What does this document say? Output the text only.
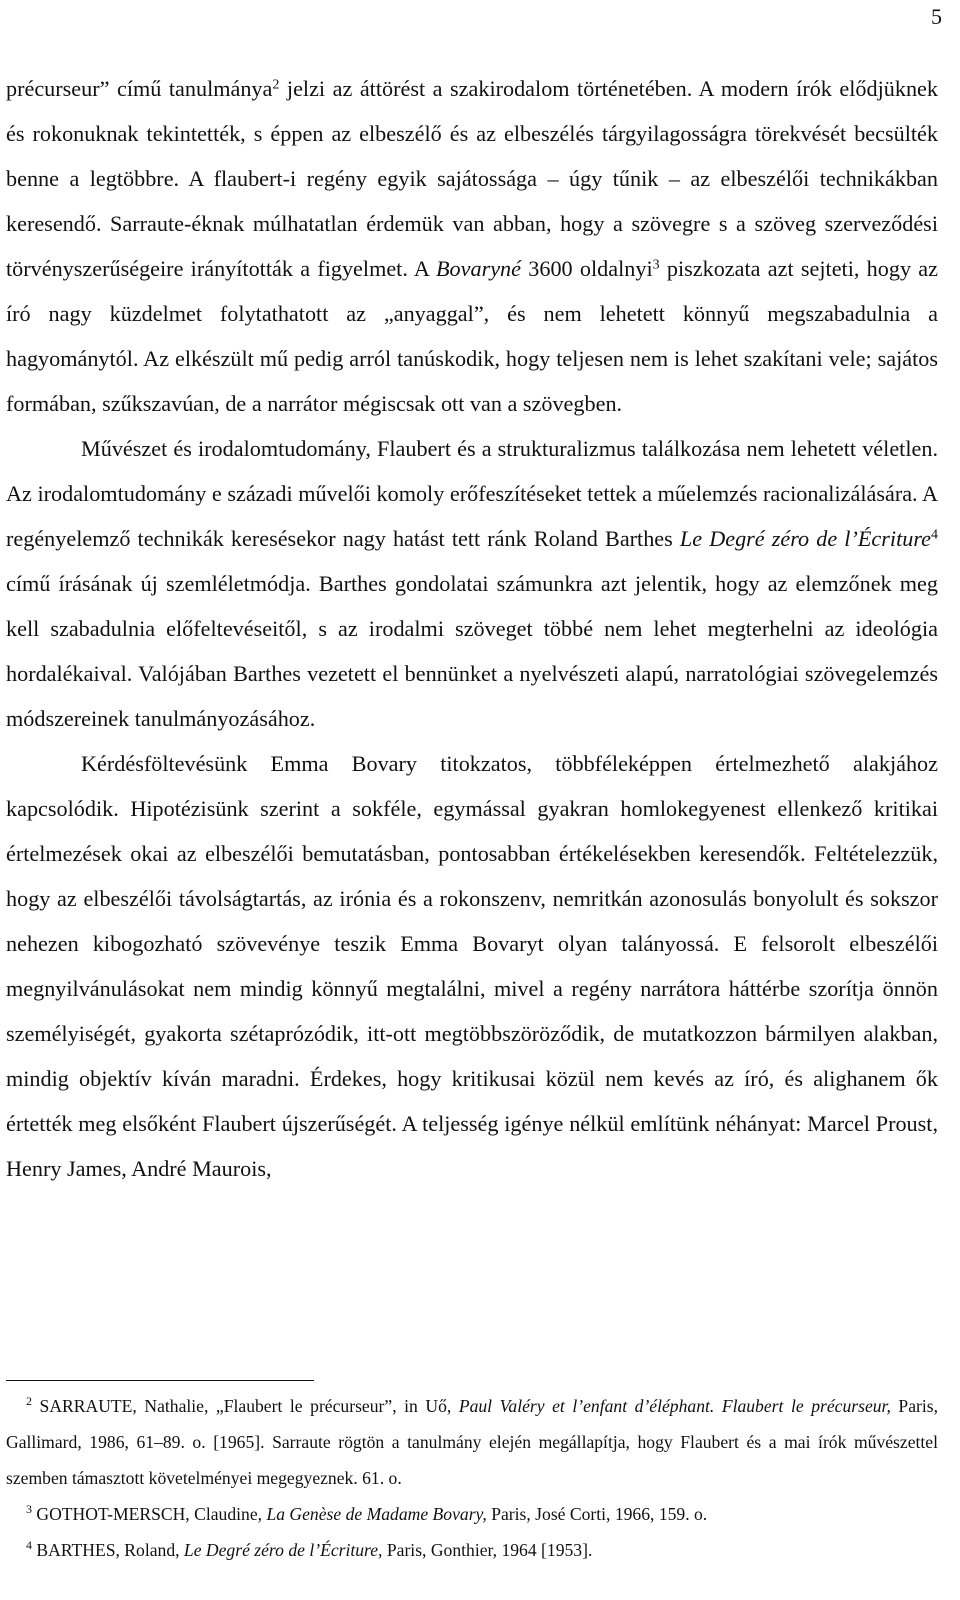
5

précurseur” című tanulmánya$^2$ jelzi az áttörést a szakirodalom történetében. A modern írók elődjüknek és rokonuknak tekintették, s éppen az elbeszélő és az elbeszélés tárgyilagosságra törekvését becsülték benne a legtöbbre. A flaubert-i regény egyik sajátossága – úgy tűnik – az elbeszélői technikákban keresendő. Sarraute-éknak múlhatatlan érdemük van abban, hogy a szövegre s a szöveg szerveződési törvényszerűségeire irányították a figyelmet. A Bovaryné 3600 oldalnyi$^3$ piszkozata azt sejteti, hogy az író nagy küzdelmet folytathatott az „anyaggal”, és nem lehetett könnyű megszabadulnia a hagyománytól. Az elkészült mű pedig arról tanúskodik, hogy teljesen nem is lehet szakítani vele; sajátos formában, szűkszavúan, de a narrátor mégiscsak ott van a szövegben.

Művészet és irodalomtudomány, Flaubert és a strukturalizmus találkozása nem lehetett véletlen. Az irodalomtudomány e századi művelői komoly erőfeszítéseket tettek a műelemzés racionalizálására. A regényelemző technikák keresésekor nagy hatást tett ránk Roland Barthes Le Degré zéro de l’Écriture$^4$ című írásának új szemléletmódja. Barthes gondolatai számunkra azt jelentik, hogy az elemzőnek meg kell szabadulnia előfeltevéseitől, s az irodalmi szöveget többé nem lehet megterhelni az ideológia hordalékaival. Valójában Barthes vezetett el bennünket a nyelvészeti alapú, narratológiai szövegelemzés módszereinek tanulmányozásához.

Kérdésföltevésünk Emma Bovary titokzatos, többféleképpen értelmezhető alakjához kapcsolódik. Hipotézisünk szerint a sokféle, egymással gyakran homlokegyenest ellenkező kritikai értelmezések okai az elbeszélői bemutatásban, pontosabban értékelésekben keresendők. Feltételezzük, hogy az elbeszélői távolságtartás, az irónia és a rokonszenv, nemritkán azonosulás bonyolult és sokszor nehezen kibogozható szövevénye teszik Emma Bovaryt olyan talányossá. E felsorolt elbeszélői megnyilvánulásokat nem mindig könnyű megtalálni, mivel a regény narrátora háttérbe szorítja önnön személyiségét, gyakorta szétaprózódik, itt-ott megtöbbszöröződik, de mutatkozzon bármilyen alakban, mindig objektív kíván maradni. Érdekes, hogy kritikusai közül nem kevés az író, és alighanem ők értették meg elsőként Flaubert újszerűségét. A teljesség igénye nélkül említünk néhányat: Marcel Proust, Henry James, André Maurois,

$^2$ SARRAUTE, Nathalie, „Flaubert le précurseur”, in Uő, Paul Valéry et l’enfant d’éléphant. Flaubert le précurseur, Paris, Gallimard, 1986, 61–89. o. [1965]. Sarraute rögtön a tanulmány elején megállapítja, hogy Flaubert és a mai írók művészettel szemben támasztott követelményei megegyeznek. 61. o.

$^3$ GOTHOT-MERSCH, Claudine, La Genèse de Madame Bovary, Paris, José Corti, 1966, 159. o.

$^4$ BARTHES, Roland, Le Degré zéro de l’Écriture, Paris, Gonthier, 1964 [1953].
